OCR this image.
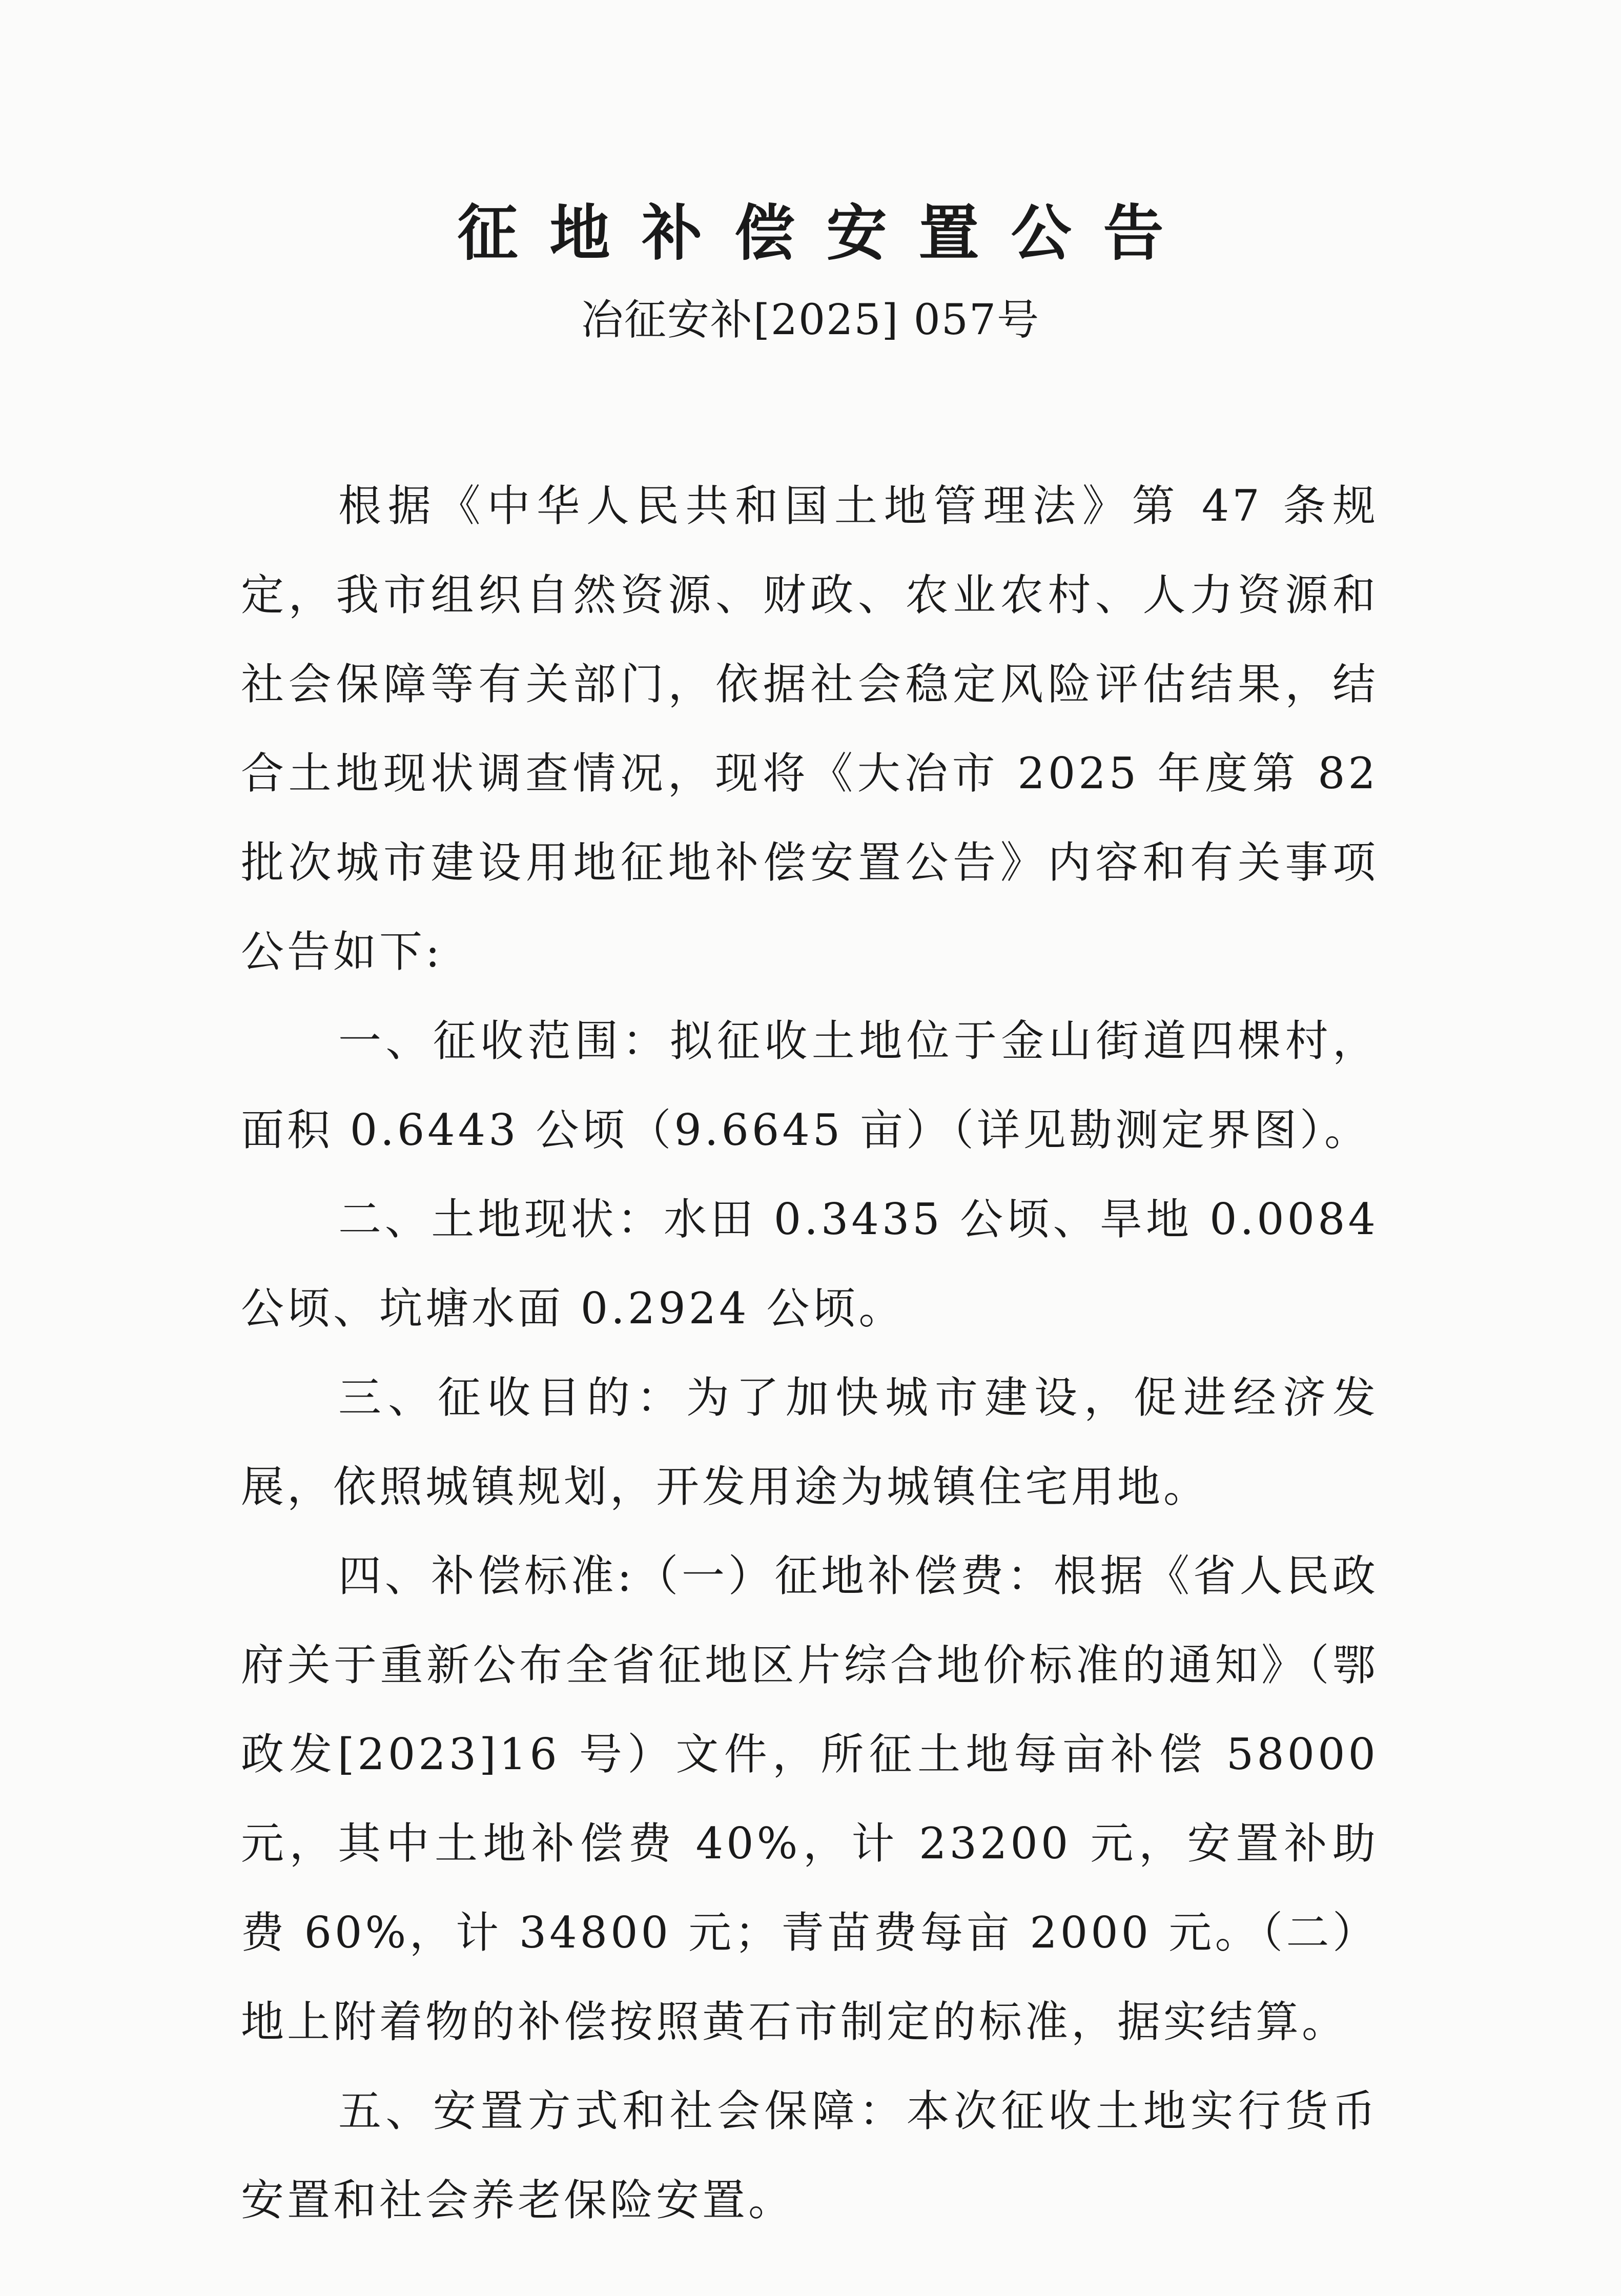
征地补偿安置公告
冶征安补[2025] 057号

根据《中华人民共和国土地管理法》第 47 条规定，我市组织自然资源、财政、农业农村、人力资源和社会保障等有关部门，依据社会稳定风险评估结果，结合土地现状调查情况，现将《大冶市 2025 年度第 82 批次城市建设用地征地补偿安置公告》内容和有关事项公告如下:

一、征收范围：拟征收土地位于金山街道四棵村，面积 0.6443 公顷（9.6645 亩）（详见勘测定界图）。

二、土地现状：水田 0.3435 公顷、旱地 0.0084 公顷、坑塘水面 0.2924 公顷。

三、征收目的：为了加快城市建设，促进经济发展，依照城镇规划，开发用途为城镇住宅用地。

四、补偿标准:（一）征地补偿费：根据《省人民政府关于重新公布全省征地区片综合地价标准的通知》（鄂政发[2023]16 号）文件，所征土地每亩补偿 58000 元，其中土地补偿费 40%，计 23200 元，安置补助费 60%，计 34800 元；青苗费每亩 2000 元。（二）地上附着物的补偿按照黄石市制定的标准，据实结算。

五、安置方式和社会保障：本次征收土地实行货币安置和社会养老保险安置。
